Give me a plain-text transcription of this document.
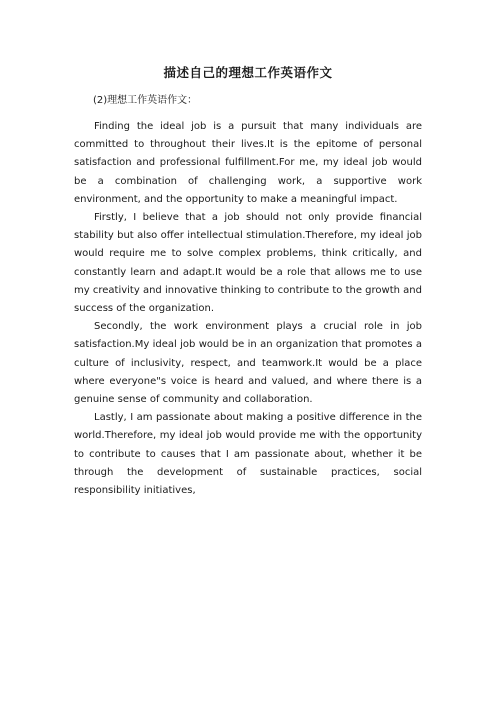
描述自己的理想工作英语作文
(2)理想工作英语作文：

Finding the ideal job is a pursuit that many individuals are committed to throughout their lives.It is the epitome of personal satisfaction and professional fulfillment.For me, my ideal job would be a combination of challenging work, a supportive work environment, and the opportunity to make a meaningful impact.

Firstly, I believe that a job should not only provide financial stability but also offer intellectual stimulation.Therefore, my ideal job would require me to solve complex problems, think critically, and constantly learn and adapt.It would be a role that allows me to use my creativity and innovative thinking to contribute to the growth and success of the organization.

Secondly, the work environment plays a crucial role in job satisfaction.My ideal job would be in an organization that promotes a culture of inclusivity, respect, and teamwork.It would be a place where everyone"s voice is heard and valued, and where there is a genuine sense of community and collaboration.

Lastly, I am passionate about making a positive difference in the world.Therefore, my ideal job would provide me with the opportunity to contribute to causes that I am passionate about, whether it be through the development of sustainable practices, social responsibility initiatives,
